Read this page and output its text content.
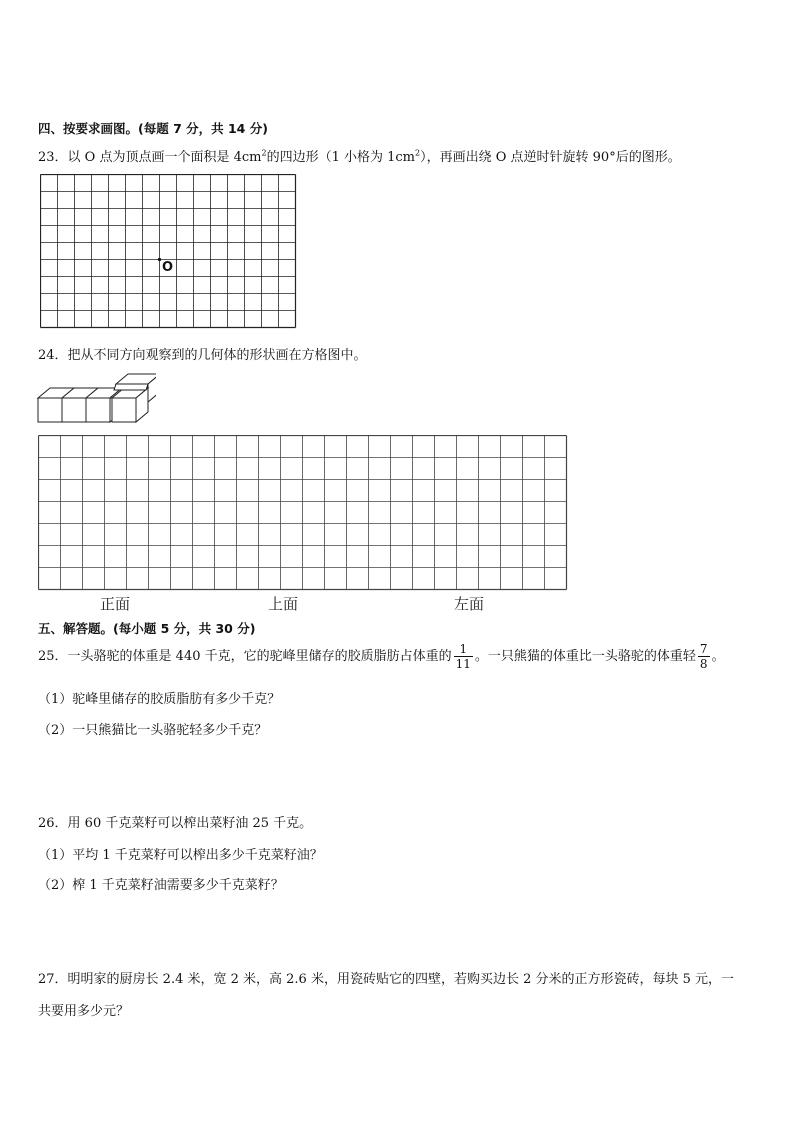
四、按要求画图。(每题 7 分，共 14 分)
23．以 O 点为顶点画一个面积是 $4cm^2$的四边形（1 小格为 $1cm^2$），再画出绕 O 点逆时针旋转 90°后的图形。
O
24．把从不同方向观察到的几何体的形状画在方格图中。
正面	上面	左面
五、解答题。(每小题 5 分，共 30 分)
25．一头骆驼的体重是 440 千克，它的驼峰里储存的胶质脂肪占体重的 $\frac{1}{11}$ 。一只熊猫的体重比一头骆驼的体重轻 $\frac{7}{8}$ 。
（1）驼峰里储存的胶质脂肪有多少千克？
（2）一只熊猫比一头骆驼轻多少千克？
26．用 60 千克菜籽可以榨出菜籽油 25 千克。
（1）平均 1 千克菜籽可以榨出多少千克菜籽油？
（2）榨 1 千克菜籽油需要多少千克菜籽？
27．明明家的厨房长 2.4 米，宽 2 米，高 2.6 米，用瓷砖贴它的四壁，若购买边长 2 分米的正方形瓷砖，每块 5 元，一
共要用多少元？
